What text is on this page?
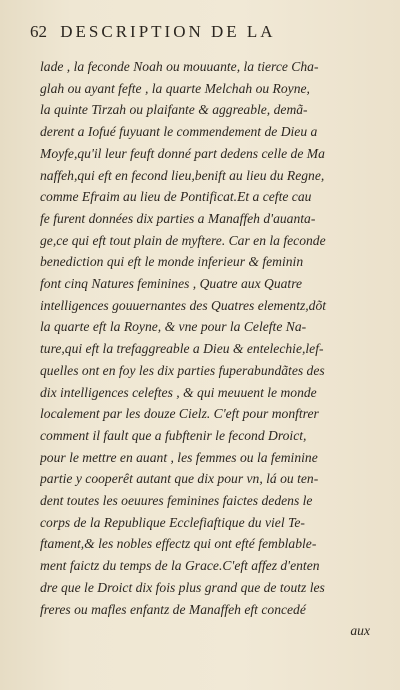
62 DESCRIPTION DE LA
lade , la feconde Noah ou mouuante, la tierce Cha-
glah ou ayant fefte , la quarte Melchah ou Royne,
la quinte Tirzah ou plaifante & aggreable, demã-
derent a Iofué fuyuant le commendement de Dieu a
Moyfe,qu'il leur feuft donné part dedens celle de Ma
naffeh,qui eft en fecond lieu,benift au lieu du Regne,
comme Efraim au lieu de Pontificat.Et a cefte cau
fe furent données dix parties a Manaffeh d'auanta-
ge,ce qui eft tout plain de myftere. Car en la feconde
benediction qui eft le monde inferieur & feminin
font cinq Natures feminines , Quatre aux Quatre
intelligences gouuernantes des Quatres elementz,dõt
la quarte eft la Royne, & vne pour la Celefte Na-
ture,qui eft la trefaggreable a Dieu & entelechie,lef-
quelles ont en foy les dix parties fuperabundãtes des
dix intelligences celeftes , & qui meuuent le monde
localement par les douze Cielz. C'eft pour monftrer
comment il fault que a fubftenir le fecond Droict,
pour le mettre en auant , les femmes ou la feminine
partie y cooperêt autant que dix pour vn, lá ou ten-
dent toutes les oeuures feminines faictes dedens le
corps de la Republique Ecclefiaftique du viel Te-
ftament,& les nobles effectz qui ont efté femblable-
ment faictz du temps de la Grace.C'eft affez d'enten
dre que le Droict dix fois plus grand que de toutz les
freres ou mafles enfantz de Manaffeh eft concedé
aux
